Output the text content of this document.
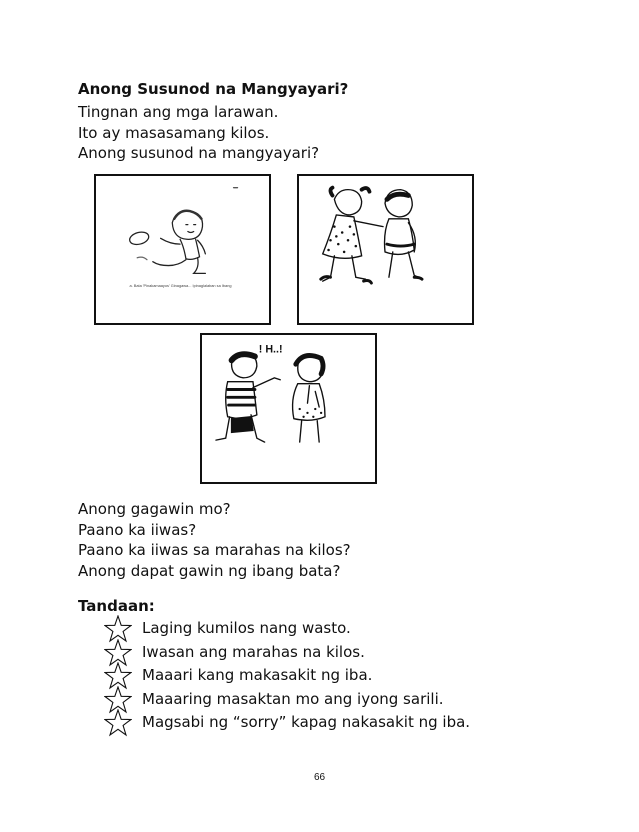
Anong Susunod na Mangyayari?
Tingnan ang mga larawan.
Ito ay masasamang kilos.
Anong susunod na mangyayari?
a. Bata 'Pinakamaayos' Ginagawa... Ipinaglalaban sa Ibang
! H..!
Anong gagawin mo?
Paano ka iiwas?
Paano ka iiwas sa marahas na kilos?
Anong dapat gawin ng ibang bata?
Tandaan:
Laging kumilos nang wasto.
Iwasan ang marahas na kilos.
Maaari kang makasakit ng iba.
Maaaring masaktan mo ang iyong sarili.
Magsabi ng “sorry” kapag nakasakit ng iba.
66
